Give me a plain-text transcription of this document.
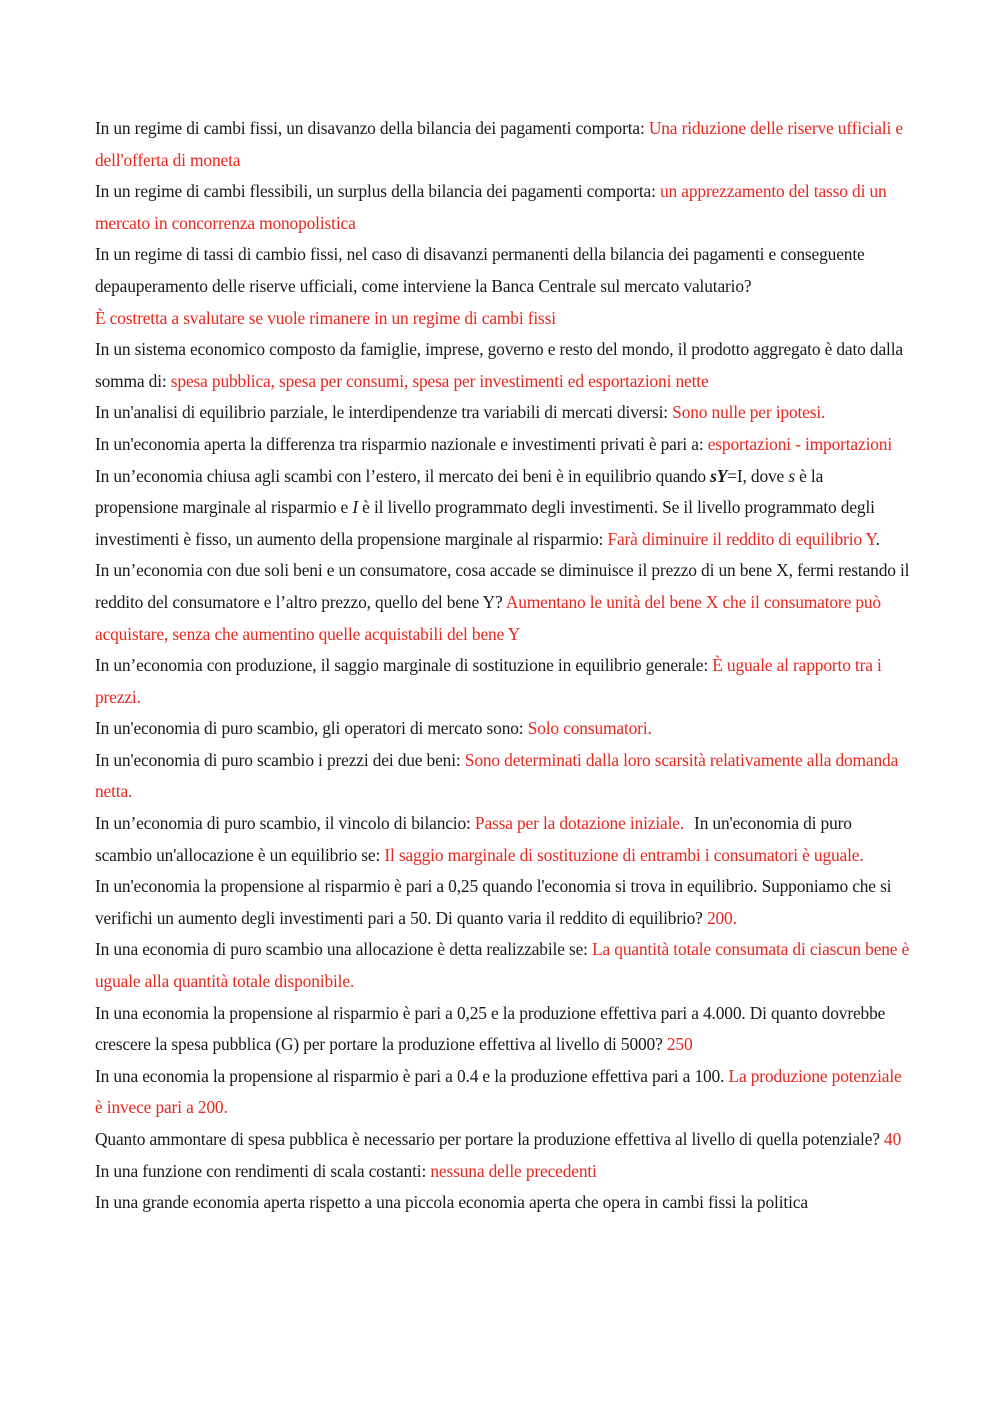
In un regime di cambi fissi, un disavanzo della bilancia dei pagamenti comporta: Una riduzione delle riserve ufficiali e dell'offerta di moneta

In un regime di cambi flessibili, un surplus della bilancia dei pagamenti comporta: un apprezzamento del tasso di un mercato in concorrenza monopolistica

In un regime di tassi di cambio fissi, nel caso di disavanzi permanenti della bilancia dei pagamenti e conseguente depauperamento delle riserve ufficiali, come interviene la Banca Centrale sul mercato valutario?
È costretta a svalutare se vuole rimanere in un regime di cambi fissi

In un sistema economico composto da famiglie, imprese, governo e resto del mondo, il prodotto aggregato è dato dalla somma di: spesa pubblica, spesa per consumi, spesa per investimenti ed esportazioni nette

In un'analisi di equilibrio parziale, le interdipendenze tra variabili di mercati diversi: Sono nulle per ipotesi.

In un'economia aperta la differenza tra risparmio nazionale e investimenti privati è pari a: esportazioni - importazioni

In un’economia chiusa agli scambi con l’estero, il mercato dei beni è in equilibrio quando sY=I, dove s è la propensione marginale al risparmio e I è il livello programmato degli investimenti. Se il livello programmato degli investimenti è fisso, un aumento della propensione marginale al risparmio: Farà diminuire il reddito di equilibrio Y.

In un’economia con due soli beni e un consumatore, cosa accade se diminuisce il prezzo di un bene X, fermi restando il reddito del consumatore e l’altro prezzo, quello del bene Y? Aumentano le unità del bene X che il consumatore può acquistare, senza che aumentino quelle acquistabili del bene Y

In un’economia con produzione, il saggio marginale di sostituzione in equilibrio generale: È uguale al rapporto tra i prezzi.

In un'economia di puro scambio, gli operatori di mercato sono: Solo consumatori.

In un'economia di puro scambio i prezzi dei due beni: Sono determinati dalla loro scarsità relativamente alla domanda netta.

In un’economia di puro scambio, il vincolo di bilancio: Passa per la dotazione iniziale. In un'economia di puro scambio un'allocazione è un equilibrio se: Il saggio marginale di sostituzione di entrambi i consumatori è uguale.

In un'economia la propensione al risparmio è pari a 0,25 quando l'economia si trova in equilibrio. Supponiamo che si verifichi un aumento degli investimenti pari a 50. Di quanto varia il reddito di equilibrio? 200.

In una economia di puro scambio una allocazione è detta realizzabile se: La quantità totale consumata di ciascun bene è uguale alla quantità totale disponibile.

In una economia la propensione al risparmio è pari a 0,25 e la produzione effettiva pari a 4.000. Di quanto dovrebbe crescere la spesa pubblica (G) per portare la produzione effettiva al livello di 5000? 250

In una economia la propensione al risparmio è pari a 0.4 e la produzione effettiva pari a 100. La produzione potenziale è invece pari a 200.

Quanto ammontare di spesa pubblica è necessario per portare la produzione effettiva al livello di quella potenziale? 40

In una funzione con rendimenti di scala costanti: nessuna delle precedenti

In una grande economia aperta rispetto a una piccola economia aperta che opera in cambi fissi la politica
